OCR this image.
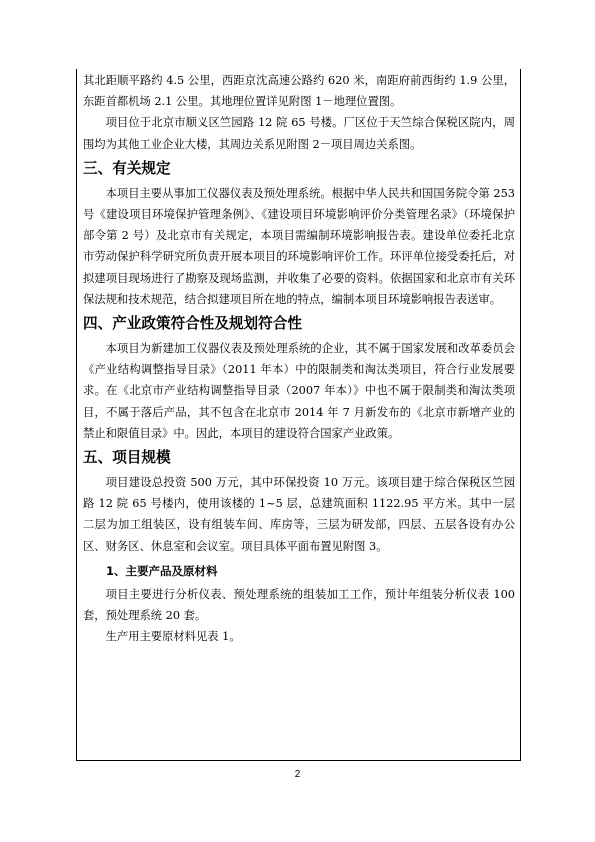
其北距顺平路约 4.5 公里，西距京沈高速公路约 620 米，南距府前西街约 1.9 公里，东距首都机场 2.1 公里。其地理位置详见附图 1－地理位置图。

项目位于北京市顺义区竺园路 12 院 65 号楼。厂区位于天竺综合保税区院内，周围均为其他工业企业大楼，其周边关系见附图 2－项目周边关系图。

三、有关规定

本项目主要从事加工仪器仪表及预处理系统。根据中华人民共和国国务院令第 253 号《建设项目环境保护管理条例》、《建设项目环境影响评价分类管理名录》（环境保护部令第 2 号）及北京市有关规定，本项目需编制环境影响报告表。建设单位委托北京市劳动保护科学研究所负责开展本项目的环境影响评价工作。环评单位接受委托后，对拟建项目现场进行了勘察及现场监测，并收集了必要的资料。依据国家和北京市有关环保法规和技术规范，结合拟建项目所在地的特点，编制本项目环境影响报告表送审。

四、产业政策符合性及规划符合性

本项目为新建加工仪器仪表及预处理系统的企业，其不属于国家发展和改革委员会《产业结构调整指导目录》（2011 年本）中的限制类和淘汰类项目，符合行业发展要求。在《北京市产业结构调整指导目录（2007 年本）》中也不属于限制类和淘汰类项目，不属于落后产品，其不包含在北京市 2014 年 7 月新发布的《北京市新增产业的禁止和限值目录》中。因此，本项目的建设符合国家产业政策。

五、项目规模

项目建设总投资 500 万元，其中环保投资 10 万元。该项目建于综合保税区竺园路 12 院 65 号楼内，使用该楼的 1~5 层，总建筑面积 1122.95 平方米。其中一层二层为加工组装区，设有组装车间、库房等，三层为研发部，四层、五层各设有办公区、财务区、休息室和会议室。项目具体平面布置见附图 3。

1、主要产品及原材料

项目主要进行分析仪表、预处理系统的组装加工工作，预计年组装分析仪表 100 套，预处理系统 20 套。

生产用主要原材料见表 1。

2
